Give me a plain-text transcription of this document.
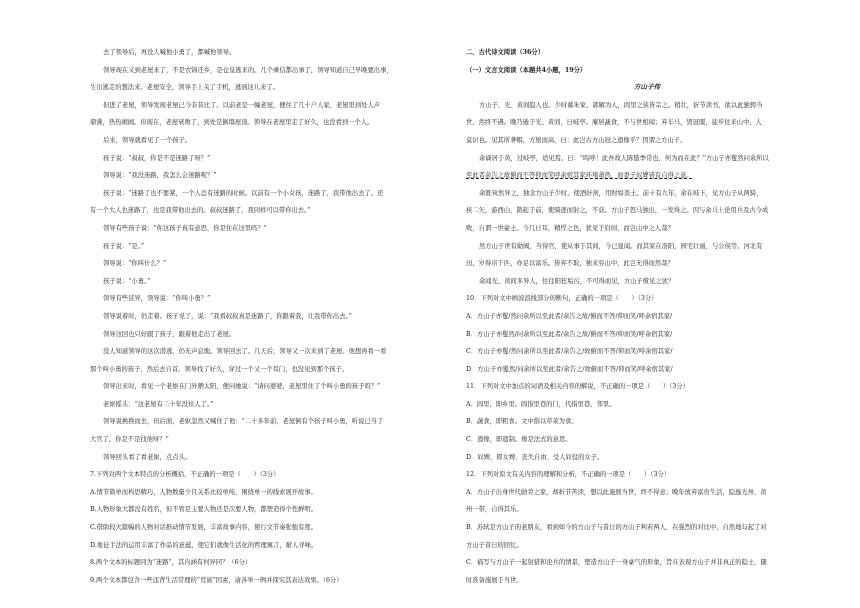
去了领导后，再没人喊他小勇了，都喊他领导。

领导现在又到老屋来了，不是衣锦还乡，是仓皇逃来的。几个乘信都出事了，领导知道自己早晚要出事，

生出逃走的想法来。老屋安全，领导手上关了手机，逃到这儿来了。

但进了老屋，领导发现老屋已今非昔比了。以前老是一幢老屋，便住了几十户人家，老屋里到处人声

鼎沸，热热闹闹。但现在，老屋衰败了，到处是倒塌屋顶。领导在老屋里走了好久，也没看到一个人。

后来，领导就看见了一个孩子。

孩子说：“叔叔，你是不是迷路了呀？”

领导说：“我没迷路，我怎么会迷路呢？”

孩子说：“迷路了也不要紧，一个人总有迷路的时候。以前有一个小女孩，迷路了，我带他出去了。还

有一个大人也迷路了，也是我带他出去的。叔叔迷路了，我同样可以带你出去。”

领导有些孩子说：“你这孩子真有意思，你是住在这里吗？”

孩子说：“是。”

领导说：“你叫什么？”

孩子说：“小勇。”

领导有些诧异，领导说：“你叫小勇？”

领导说着时，仍走着。孩子见了，说：“我看叔叔真是迷路了，你跟着我，让我带你出去。”

领导这回也只好跟了孩子，跟着他走出了老屋。

没人知道领导的这次潜逃，仍无声息地。领导回去了。几天后，领导又一次来到了老屋。他想再看一看

那个叫小勇的孩子，然后去自首。领导找了好久，穿过一个又一个耳门，也没见到那个孩子。

领导出来时，看见一个老妪在门外晒太阳，便问她说：“请问婆婆，老屋里住了个叫小勇的孩子吗？”

老妪摇头：“这老屋有二十年没住人了。”

领导说换换而去，但后面，老妪忽然又喊住了他：“二十多年前，老屋倒有个孩子叫小勇，听说已当了

大官了，你是不是找他呀？”

领导回头看了看老妪，点点头。

7.下列对两个文本特点的分析概括，不正确的一项是（　　）（3分）

A.情节简单而构思精巧，人物数量少且关系比较单纯，围绕单一的线索展开故事。

B.人物形象大都没有姓名，但不管是主要人物还是次要人物，都塑造得个性鲜明。

C.借助较大篇幅的人物对话推动情节发展，丰富故事内容，使行文节奏张弛有度。

D.象征手法的运用丰富了作品的意蕴，使它们就像生活化的哲理寓言，耐人寻味。

8.两个文本的标题同为“迷路”，其内涵有何异同？（6分）

9.两个文本都包含一些违背生活常理的“荒诞”因素，请各举一例并探究其表达效果。（6分）

二、古代诗文阅读（36分）

（一）文言文阅读（本题共4小题，19分）

方山子传

方山子，光、黄间隐人也。少时慕朱家、郭解为人，闾里之侠皆宗之。稍壮，折节读书，欲以此驰骋当

世，然终不遇。晚乃遁于光、黄间，曰岐亭。庵居蔬食，不与世相闻；弃车马，毁冠服，徒步往来山中，人

莫识也。见其所著帽，方屋而高，曰：此岂古方山冠之遗像乎？因谓之方山子。

余谪居于黄，过岐亭，适见焉。曰：“呜呼！此吾故人陈慥季常也，何为而在此？”方山子亦矍然问余所以

至此者余告之故俯而不答仰而笑呼余宿其家环堵萧然，而妻子奴婢皆有自得之意。

余既耸然异之，独念方山子少时，使酒好剑，用财如粪土。前十有九年，余在岐下，见方山子从两骑，

挟二矢，游西山，鹊起于前，使骑逐而射之，不获。方山子怒马独出，一发得之。因与余马上论用兵及古今成

败，自谓一世豪士。今几日耳，精悍之色，犹见于眉间，而岂山中之人哉？

然方山子世有勋阀，当得官，使从事于其间，今已显闻。而其家在洛阳，园宅壮丽，与公侯等。河北有

田，岁得帛千匹，亦足以富乐。皆弃不取，独来穷山中，此岂无得而然哉？

余闻光、黄间多异人，往往阳狂垢污，不可得而见，方山子傥见之欤？

10．下列对文中画波浪线部分的断句，正确的一项是（　　）（3分）

A．方山子亦矍/然问余所以至此者/余告之故/俯而不答/仰而笑/呼余宿其家/

B．方山子亦矍然/问余所以至此者/余告之故/俯而不答/仰而笑/呼余宿其家/

C．方山子亦矍/然问余所以至此者/余告之/故俯而不答/仰而笑/呼余宿其家/

D．方山子亦矍然/问余所以至此者/余告之/故俯而不答/仰而笑/呼余宿其家/

11．下列对文中加点的词语及相关内容的解说，不正确的一项是（　　）（3分）

A．闾里，即乡里。闾指里巷的门，代指里巷、邻里。

B．蔬食，即粗食。文中指以草菜为食。

C．遗像，即遗制。像是法式的意思。

D．奴婢，即女婢，丧失自由、受人奴役的女子。

12．下列对原文有关内容的理解和分析，不正确的一项是（　　）（3分）

A．方山子出身世代勋劳之家，却折节苦读，想以此施展当世，终不得意；晚年放弃富贵生活，隐逸光州、黄

州一带，自得其乐。

B．苏轼是方山子的老朋友，看到如今的方山子与昔日的方山子判若两人，在强烈的对比中，自然地勾起了对

方山子昔日的回忆。

C．描写与方山子一起射猎和论兵的情景，塑造方山子一身豪气的形象，旨在表现方山子并非真正的隐士，随

时准备施展于当世。
